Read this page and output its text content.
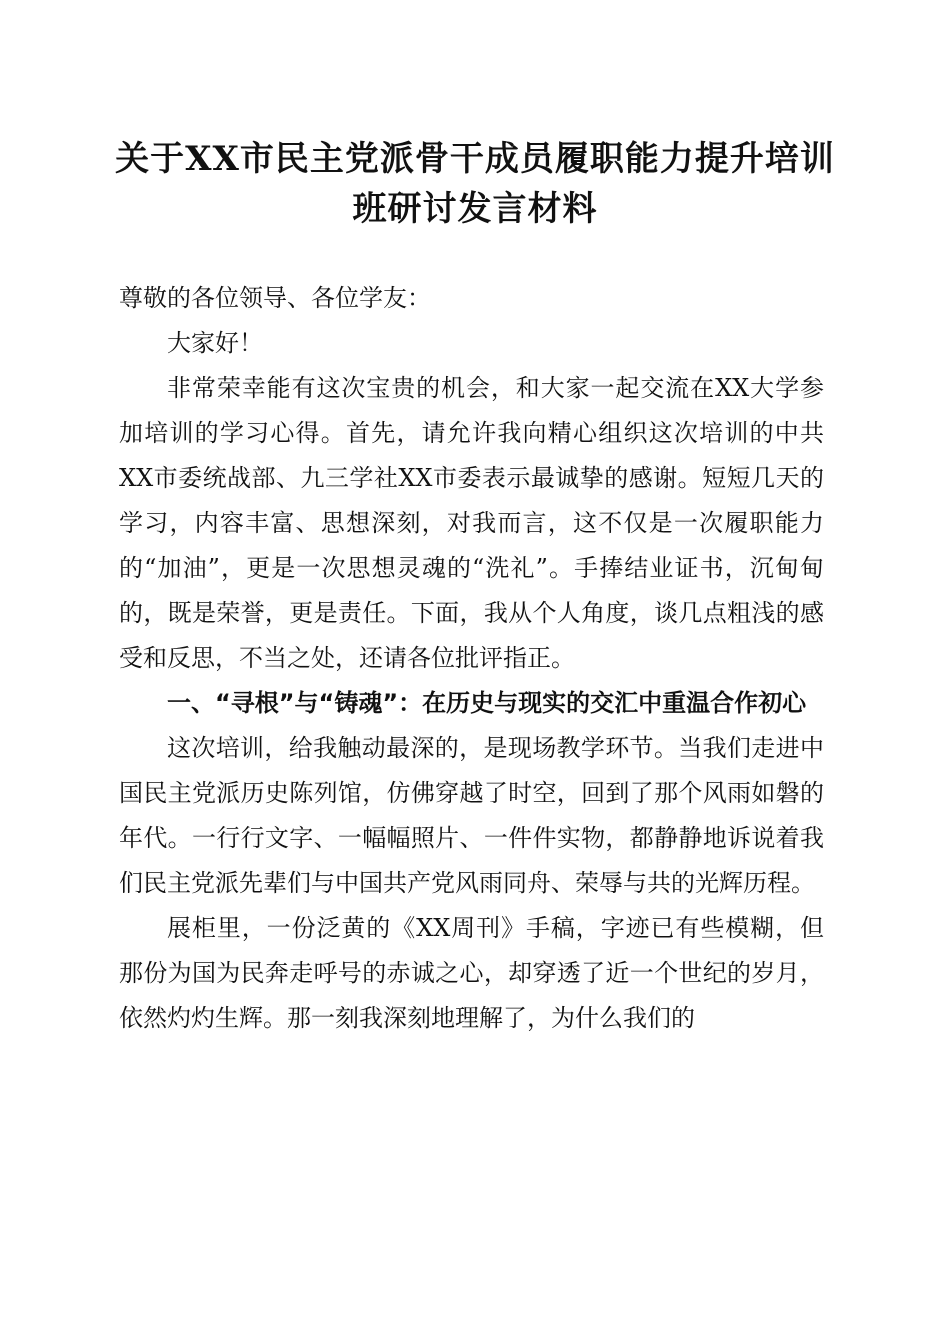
关于XX市民主党派骨干成员履职能力提升培训班研讨发言材料

尊敬的各位领导、各位学友：

大家好！

非常荣幸能有这次宝贵的机会，和大家一起交流在XX大学参加培训的学习心得。首先，请允许我向精心组织这次培训的中共XX市委统战部、九三学社XX市委表示最诚挚的感谢。短短几天的学习，内容丰富、思想深刻，对我而言，这不仅是一次履职能力的“加油”，更是一次思想灵魂的“洗礼”。手捧结业证书，沉甸甸的，既是荣誉，更是责任。下面，我从个人角度，谈几点粗浅的感受和反思，不当之处，还请各位批评指正。

一、“寻根”与“铸魂”：在历史与现实的交汇中重温合作初心

这次培训，给我触动最深的，是现场教学环节。当我们走进中国民主党派历史陈列馆，仿佛穿越了时空，回到了那个风雨如磐的年代。一行行文字、一幅幅照片、一件件实物，都静静地诉说着我们民主党派先辈们与中国共产党风雨同舟、荣辱与共的光辉历程。

展柜里，一份泛黄的《XX周刊》手稿，字迹已有些模糊，但那份为国为民奔走呼号的赤诚之心，却穿透了近一个世纪的岁月，依然灼灼生辉。那一刻我深刻地理解了，为什么我们的
